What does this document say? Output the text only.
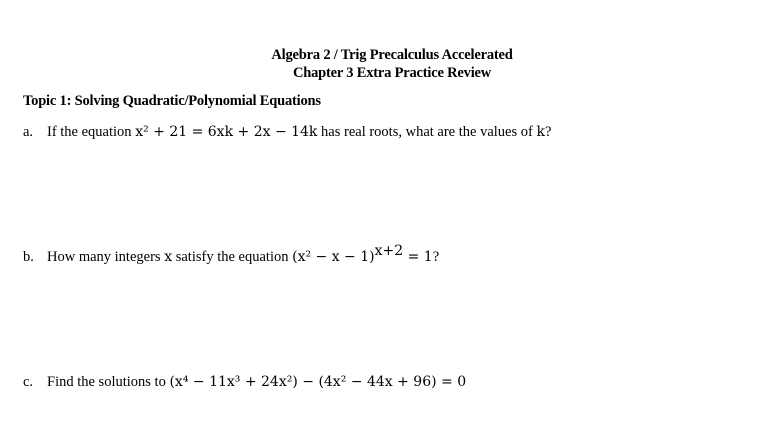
Algebra 2 / Trig Precalculus Accelerated
Chapter 3 Extra Practice Review
Topic 1: Solving Quadratic/Polynomial Equations
a. If the equation x² + 21 = 6xk + 2x − 14k has real roots, what are the values of k?
b. How many integers x satisfy the equation $(x^2 - x - 1)^{x+2} = 1$?
c. Find the solutions to (x⁴ − 11x³ + 24x²) − (4x² − 44x + 96) = 0
